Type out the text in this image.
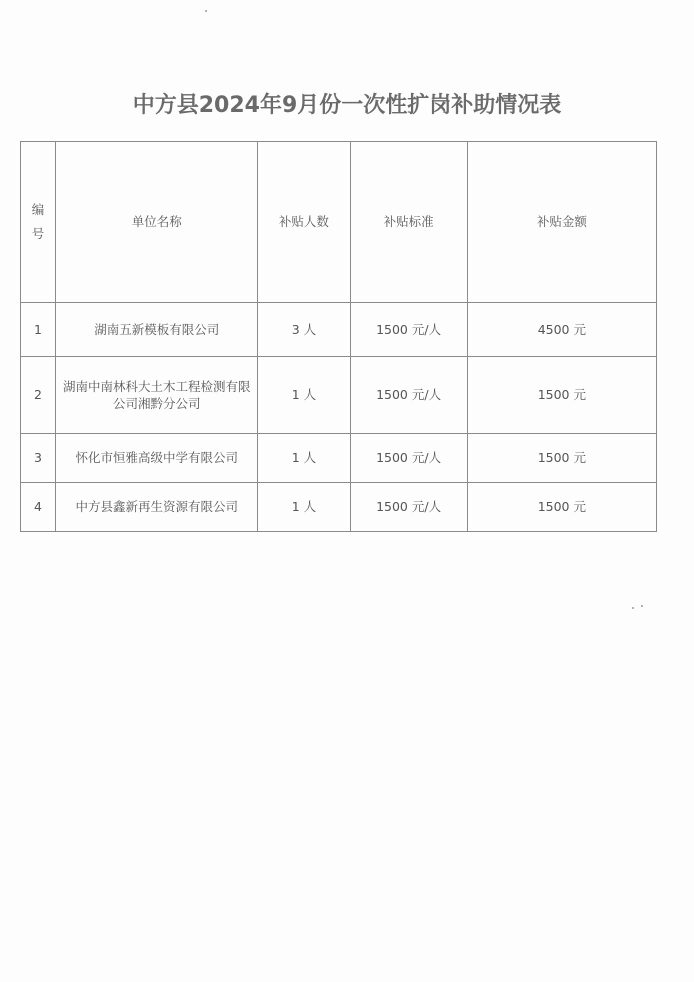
中方县2024年9月份一次性扩岗补助情况表
编号	单位名称	补贴人数	补贴标准	补贴金额
1	湖南五新模板有限公司	3 人	1500 元/人	4500 元
2	湖南中南林科大土木工程检测有限公司湘黔分公司	1 人	1500 元/人	1500 元
3	怀化市恒雅高级中学有限公司	1 人	1500 元/人	1500 元
4	中方县鑫新再生资源有限公司	1 人	1500 元/人	1500 元
